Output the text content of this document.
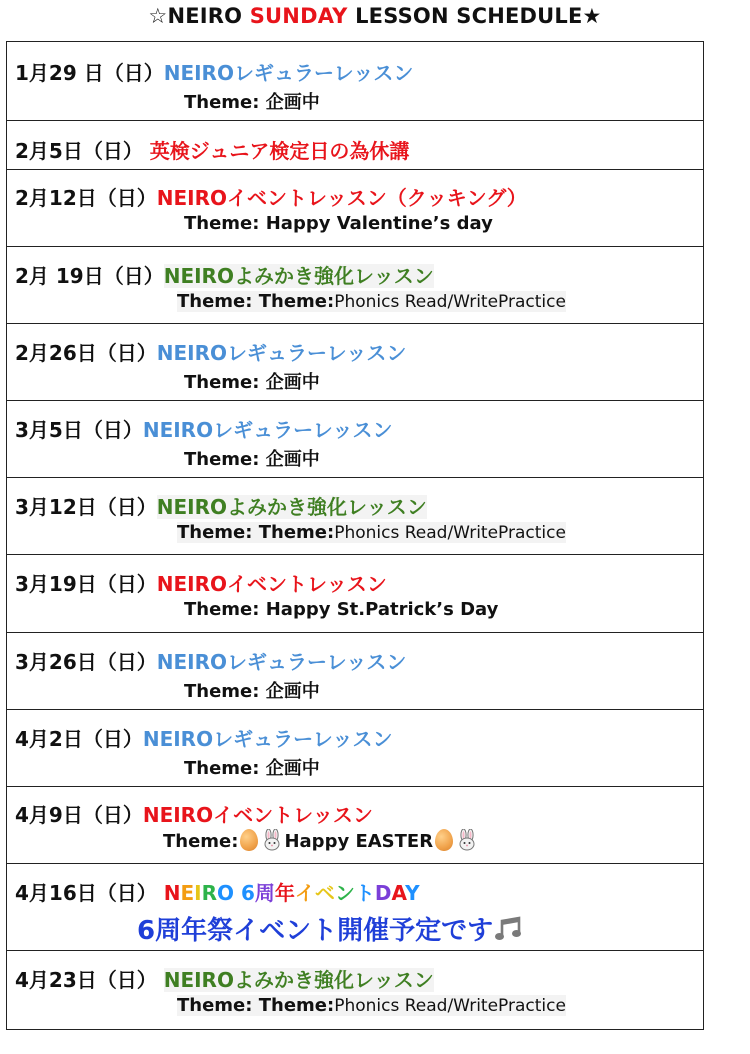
☆NEIRO SUNDAY LESSON SCHEDULE★
1月29 日（日）NEIROレギュラーレッスン
Theme: 企画中
2月5日（日） 英検ジュニア検定日の為休講
2月12日（日）NEIROイベントレッスン（クッキング）
Theme: Happy Valentine’s day
2月 19日（日）NEIROよみかき強化レッスン
Theme: Theme:Phonics Read/WritePractice
2月26日（日）NEIROレギュラーレッスン
Theme: 企画中
3月5日（日）NEIROレギュラーレッスン
Theme: 企画中
3月12日（日）NEIROよみかき強化レッスン
Theme: Theme:Phonics Read/WritePractice
3月19日（日）NEIROイベントレッスン
Theme: Happy St.Patrick’s Day
3月26日（日）NEIROレギュラーレッスン
Theme: 企画中
4月2日（日）NEIROレギュラーレッスン
Theme: 企画中
4月9日（日）NEIROイベントレッスン
Theme:	Happy EASTER
4月16日（日） NEIRO 6周年イベントDAY
6周年祭イベント開催予定です
4月23日（日） NEIROよみかき強化レッスン
Theme: Theme:Phonics Read/WritePractice
